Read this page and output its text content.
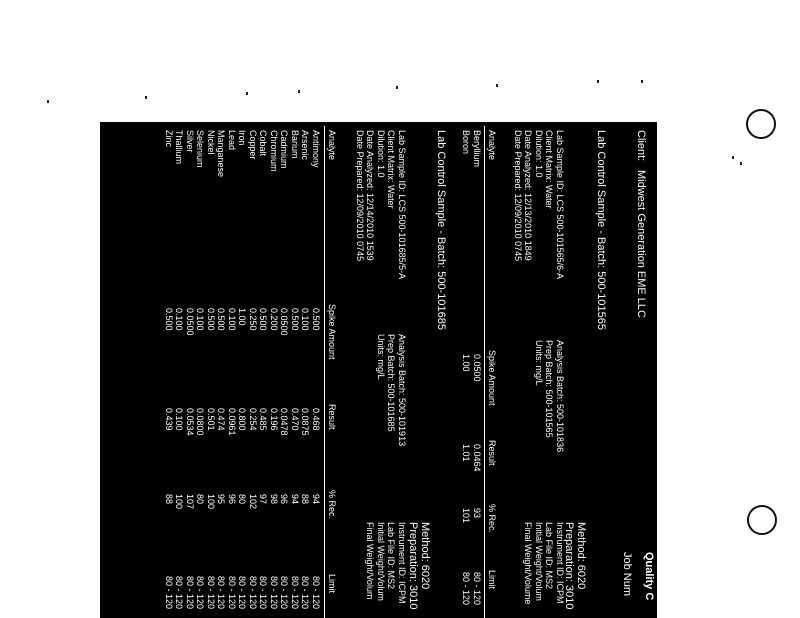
Client:
Midwest Generation EME LLC
Quality C
Job Num
Lab Control Sample - Batch: 500-101565
Method: 6020
Preparation: 3010
Lab Sample ID: LCS 500-101565/6-A
Client Matrix: Water
Dilution: 1.0
Date Analyzed: 12/13/2010 1849
Date Prepared: 12/09/2010 0745
Analysis Batch: 500-101836
Prep Batch: 500-101565
Units: mg/L
Instrument ID: ICPM
Lab File ID: MS2
Initial Weight/Volum
Final Weight/Volume
Analyte
Spike Amount
Result
% Rec.
Limit
Beryllium
Boron
0.0500
1.00
0.0464
1.01
93
101
80 - 120
80 - 120
Lab Control Sample - Batch: 500-101685
Method: 6020
Preparation: 3010
Lab Sample ID: LCS 500-101685/5-A
Client Matrix: Water
Dilution: 1.0
Date Analyzed: 12/14/2010 1539
Date Prepared: 12/09/2010 0745
Analysis Batch: 500-101913
Prep Batch: 500-101685
Units: mg/L
Instrument ID: ICPM
Lab File ID: MS2
Initial Weight/Volum
Final Weight/Volum
Analyte
Spike Amount
Result
% Rec.
Limit
Antimony
Arsenic
Barium
Cadmium
Chromium
Cobalt
Copper
Iron
Lead
Manganese
Nickel
Selenium
Silver
Thallium
Zinc
0.500
0.100
0.500
0.0500
0.200
0.500
0.250
1.00
0.100
0.500
0.500
0.100
0.0500
0.100
0.500
0.468
0.0875
0.470
0.0478
0.196
0.485
0.254
0.800
0.0961
0.474
0.501
0.0800
0.0534
0.100
0.439
94
88
94
96
98
97
102
80
96
95
100
80
107
100
88
80 - 120
80 - 120
80 - 120
80 - 120
80 - 120
80 - 120
80 - 120
80 - 120
80 - 120
80 - 120
80 - 120
80 - 120
80 - 120
80 - 120
80 - 120
